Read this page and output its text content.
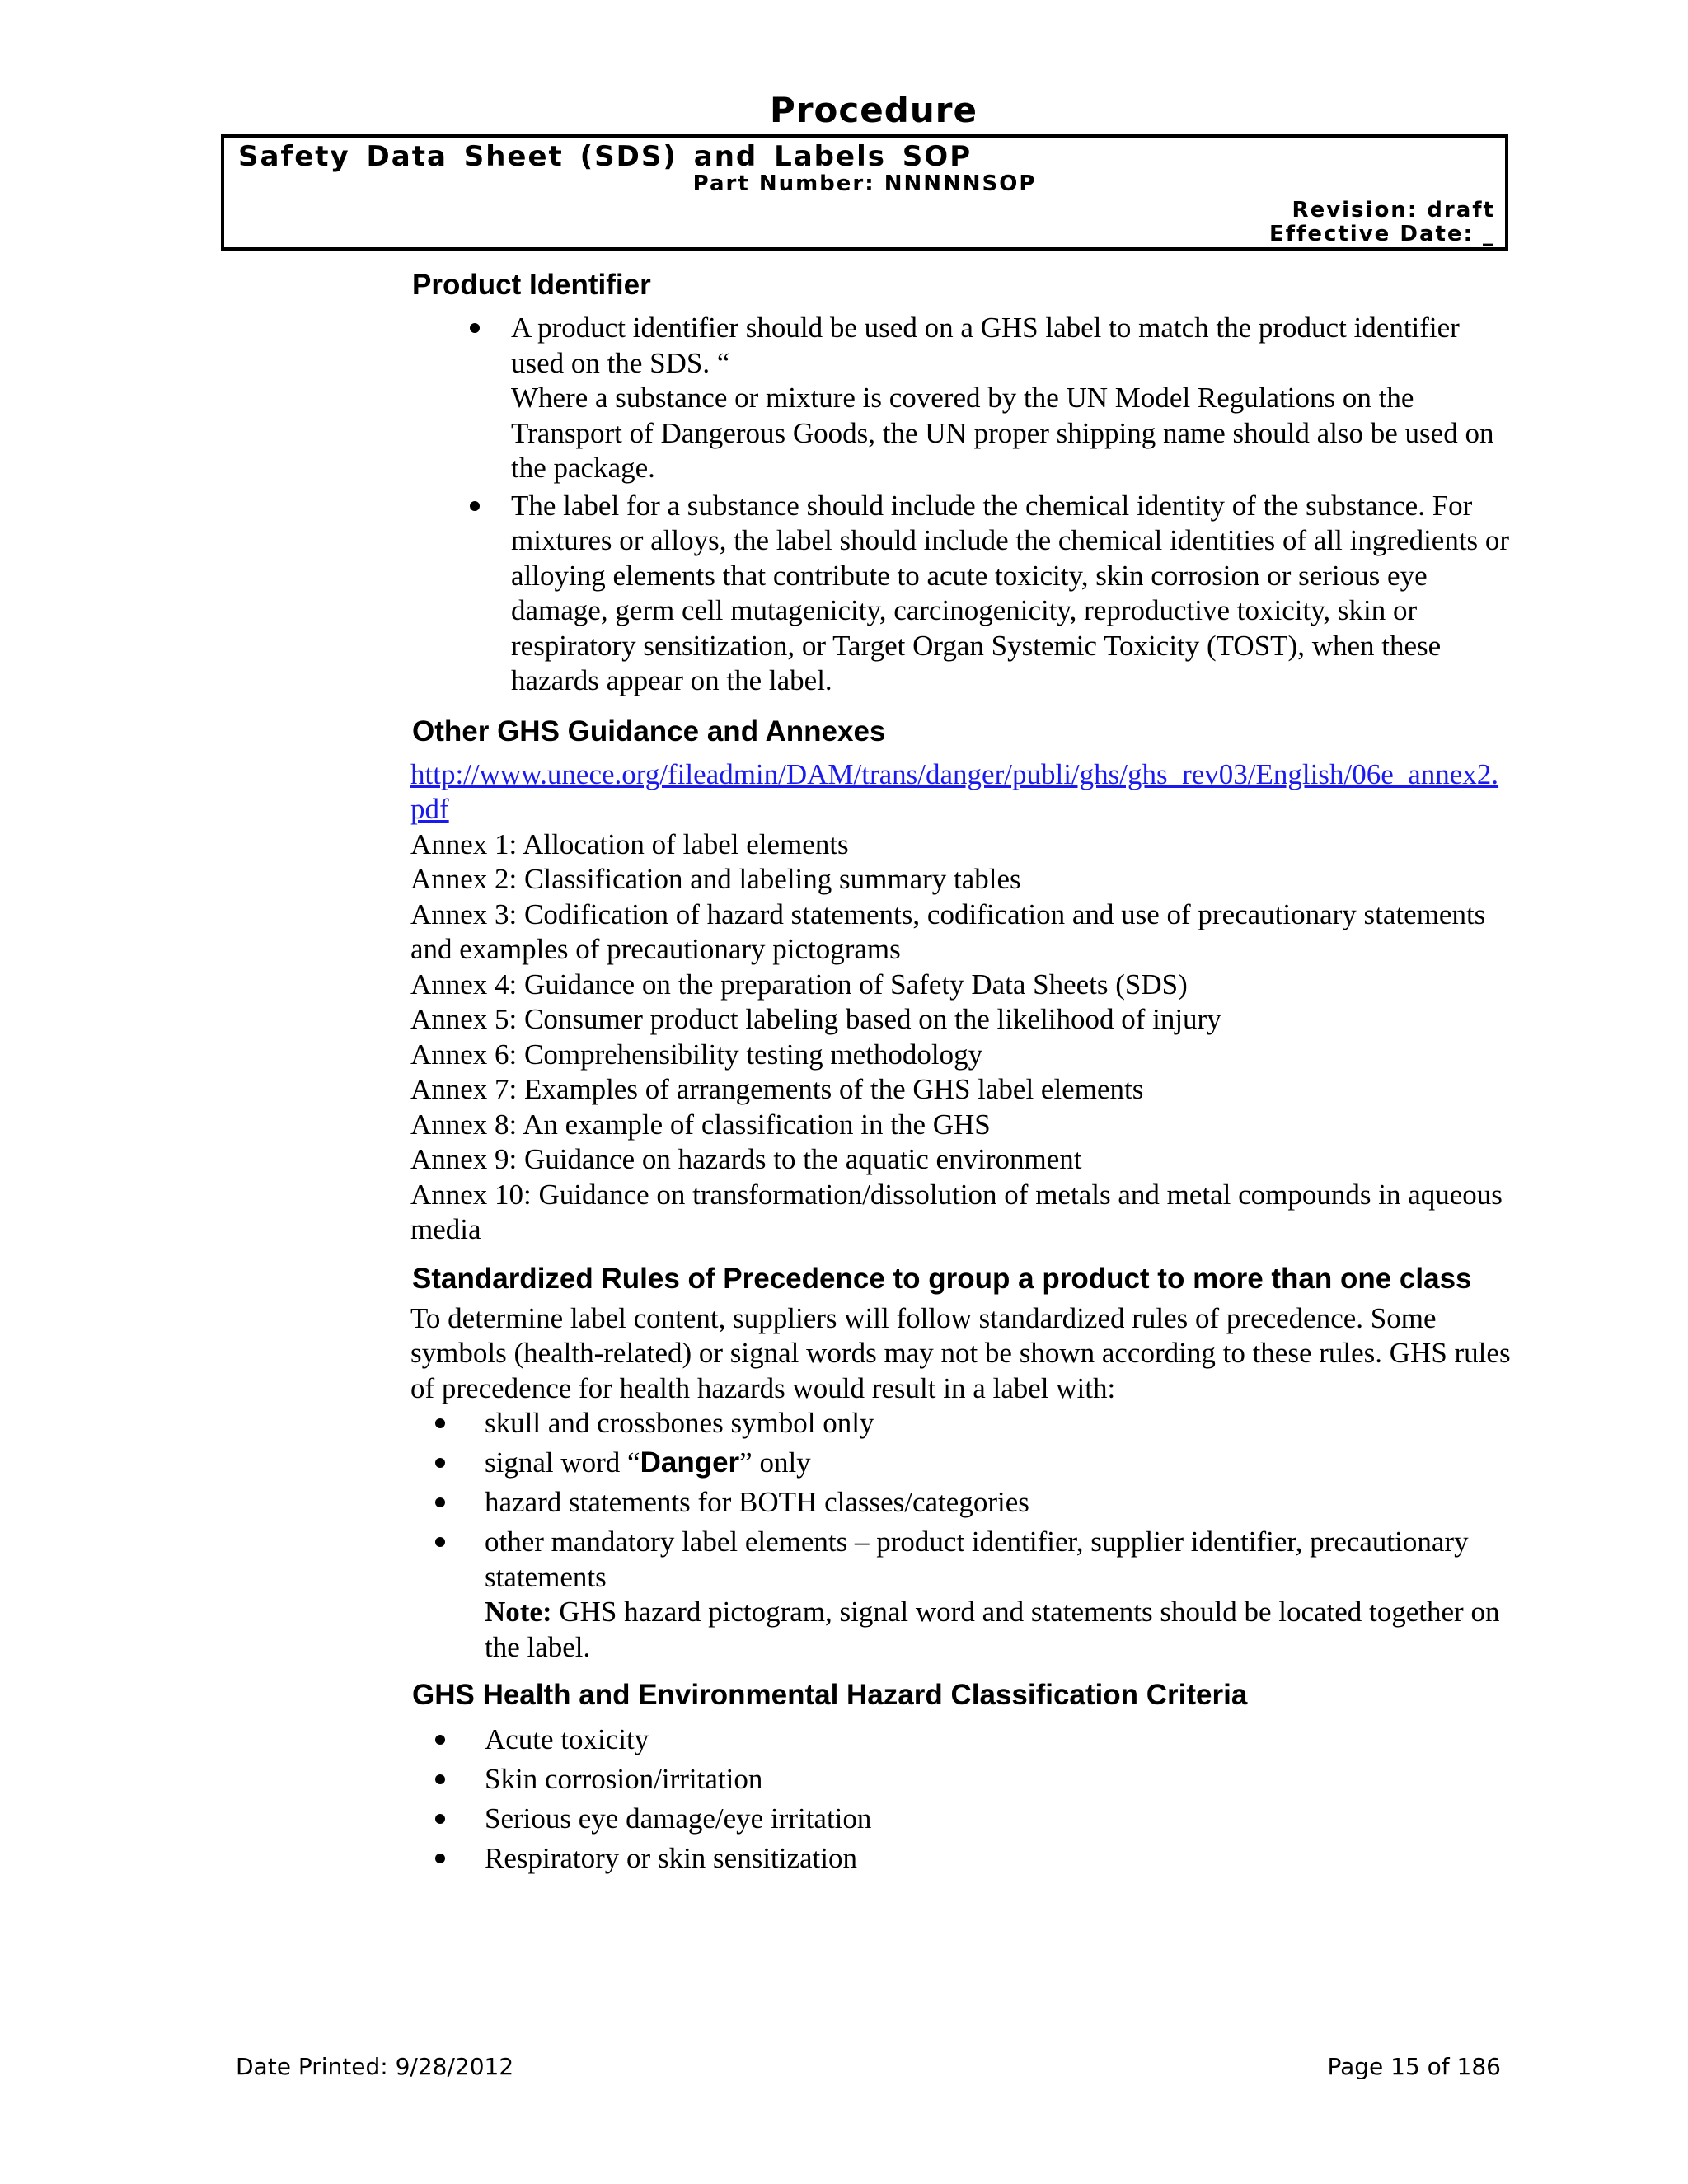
Procedure
Safety Data Sheet (SDS) and Labels SOP
Part Number: NNNNNSOP
Revision: draft
Effective Date: _
Product Identifier

A product identifier should be used on a GHS label to match the product identifier used on the SDS. “

Where a substance or mixture is covered by the UN Model Regulations on the Transport of Dangerous Goods, the UN proper shipping name should also be used on the package.

The label for a substance should include the chemical identity of the substance. For mixtures or alloys, the label should include the chemical identities of all ingredients or alloying elements that contribute to acute toxicity, skin corrosion or serious eye damage, germ cell mutagenicity, carcinogenicity, reproductive toxicity, skin or respiratory sensitization, or Target Organ Systemic Toxicity (TOST), when these hazards appear on the label.

Other GHS Guidance and Annexes
http://www.unece.org/fileadmin/DAM/trans/danger/publi/ghs/ghs_rev03/English/06e_annex2.pdf
Annex 1: Allocation of label elements
Annex 2: Classification and labeling summary tables
Annex 3: Codification of hazard statements, codification and use of precautionary statements and examples of precautionary pictograms
Annex 4: Guidance on the preparation of Safety Data Sheets (SDS)
Annex 5: Consumer product labeling based on the likelihood of injury
Annex 6: Comprehensibility testing methodology
Annex 7: Examples of arrangements of the GHS label elements
Annex 8: An example of classification in the GHS
Annex 9: Guidance on hazards to the aquatic environment
Annex 10: Guidance on transformation/dissolution of metals and metal compounds in aqueous media
Standardized Rules of Precedence to group a product to more than one class

To determine label content, suppliers will follow standardized rules of precedence. Some symbols (health-related) or signal words may not be shown according to these rules. GHS rules of precedence for health hazards would result in a label with:

skull and crossbones symbol only
signal word “Danger” only
hazard statements for BOTH classes/categories

other mandatory label elements – product identifier, supplier identifier, precautionary statements

Note: GHS hazard pictogram, signal word and statements should be located together on the label.

GHS Health and Environmental Hazard Classification Criteria
Acute toxicity
Skin corrosion/irritation
Serious eye damage/eye irritation
Respiratory or skin sensitization
Date Printed: 9/28/2012	Page 15 of 186
